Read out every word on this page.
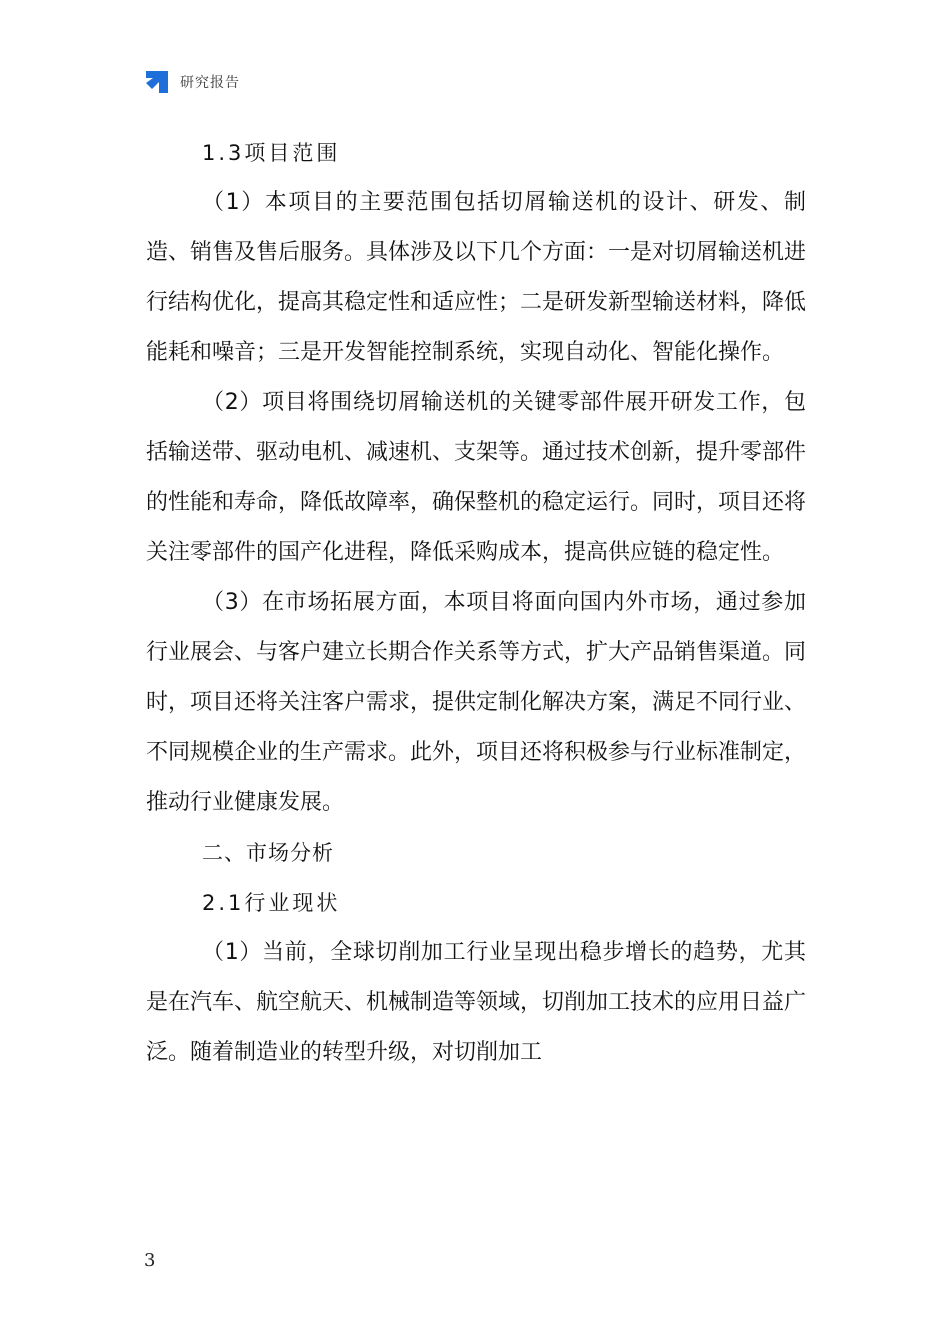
研究报告
1.3项目范围

（1）本项目的主要范围包括切屑输送机的设计、研发、制造、销售及售后服务。具体涉及以下几个方面：一是对切屑输送机进行结构优化，提高其稳定性和适应性；二是研发新型输送材料，降低能耗和噪音；三是开发智能控制系统，实现自动化、智能化操作。

（2）项目将围绕切屑输送机的关键零部件展开研发工作，包括输送带、驱动电机、减速机、支架等。通过技术创新，提升零部件的性能和寿命，降低故障率，确保整机的稳定运行。同时，项目还将关注零部件的国产化进程，降低采购成本，提高供应链的稳定性。

（3）在市场拓展方面，本项目将面向国内外市场，通过参加行业展会、与客户建立长期合作关系等方式，扩大产品销售渠道。同时，项目还将关注客户需求，提供定制化解决方案，满足不同行业、不同规模企业的生产需求。此外，项目还将积极参与行业标准制定，推动行业健康发展。

二、市场分析
2.1行业现状

（1）当前，全球切削加工行业呈现出稳步增长的趋势，尤其是在汽车、航空航天、机械制造等领域，切削加工技术的应用日益广泛。随着制造业的转型升级，对切削加工

3
